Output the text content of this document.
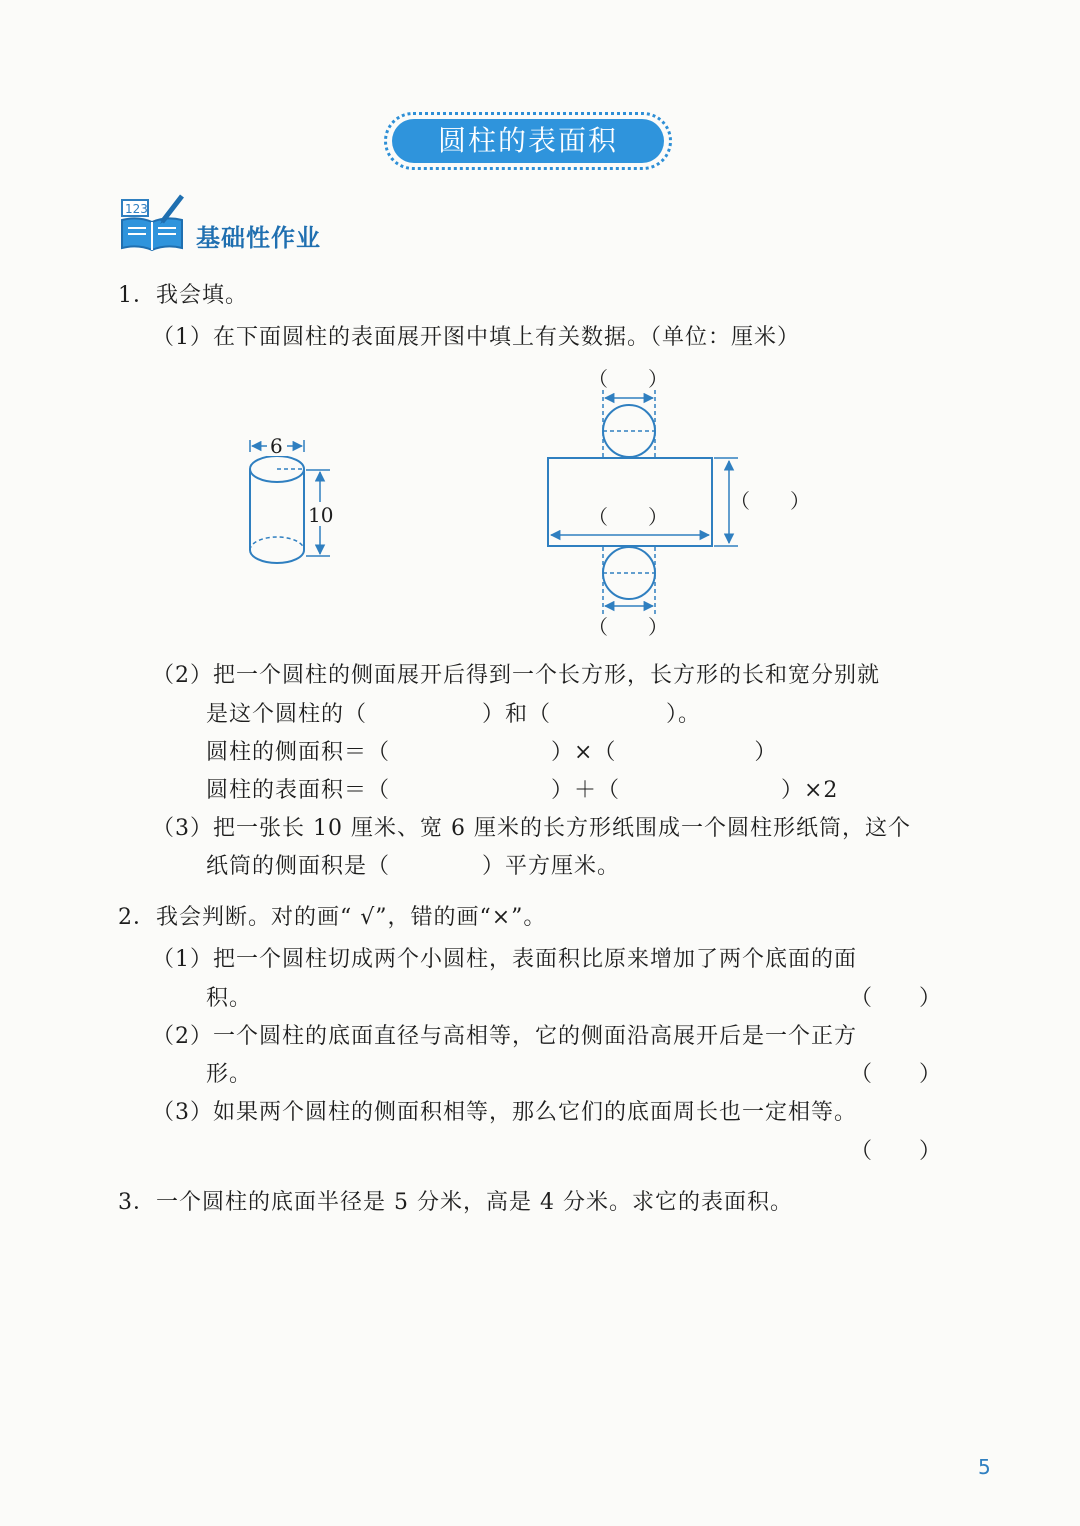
圆柱的表面积
123
基础性作业
1．我会填。
（1）在下面圆柱的表面展开图中填上有关数据。（单位：厘米）
6
10
（　　）
（　　）
（　　）
（　　）
（2）把一个圆柱的侧面展开后得到一个长方形，长方形的长和宽分别就
是这个圆柱的（　　　　　）和（　　　　　）。
圆柱的侧面积＝（　　　　　　　）×（　　　　　　）
圆柱的表面积＝（　　　　　　　）＋（　　　　　　　）×2
（3）把一张长 10 厘米、宽 6 厘米的长方形纸围成一个圆柱形纸筒，这个
纸筒的侧面积是（　　　　）平方厘米。
2．我会判断。对的画“ √”，错的画“×”。
（1）把一个圆柱切成两个小圆柱，表面积比原来增加了两个底面的面
积。	（　　）
（2）一个圆柱的底面直径与高相等，它的侧面沿高展开后是一个正方
形。	（　　）
（3）如果两个圆柱的侧面积相等，那么它们的底面周长也一定相等。
（　　）
3．一个圆柱的底面半径是 5 分米，高是 4 分米。求它的表面积。
5
